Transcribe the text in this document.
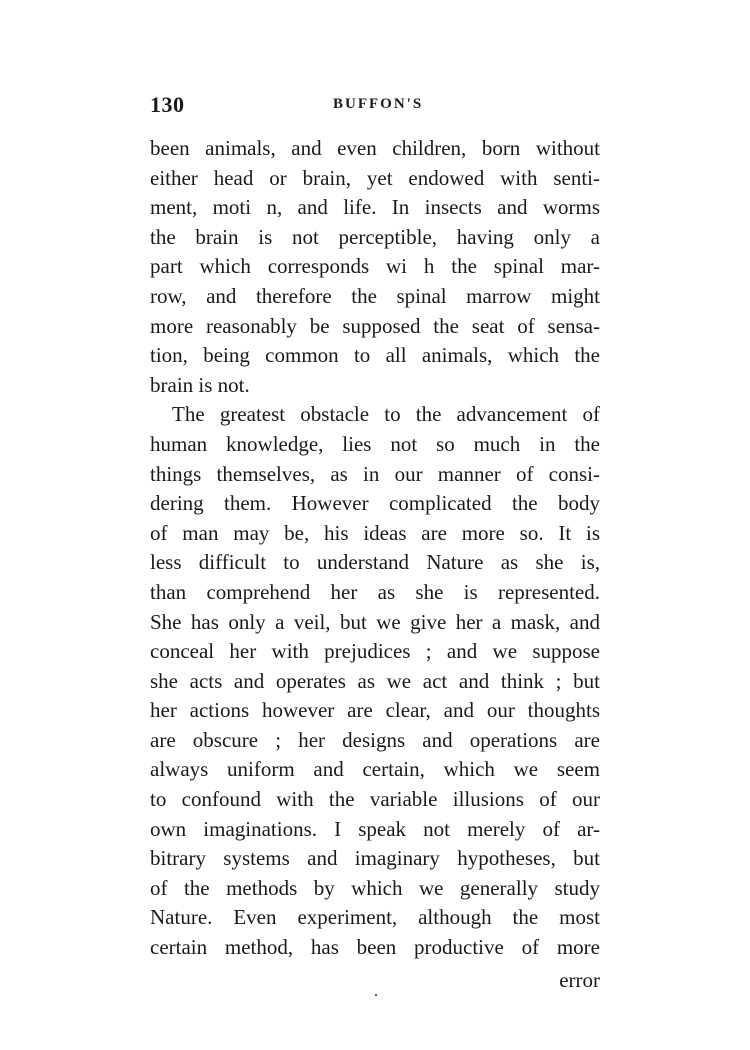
130	BUFFON'S
been animals, and even children, born without
either head or brain, yet endowed with senti-
ment, moti n, and life. In insects and worms
the brain is not perceptible, having only a
part which corresponds wi h the spinal mar-
row, and therefore the spinal marrow might
more reasonably be supposed the seat of sensa-
tion, being common to all animals, which the
brain is not.
The greatest obstacle to the advancement of
human knowledge, lies not so much in the
things themselves, as in our manner of consi-
dering them. However complicated the body
of man may be, his ideas are more so. It is
less difficult to understand Nature as she is,
than comprehend her as she is represented.
She has only a veil, but we give her a mask, and
conceal her with prejudices ; and we suppose
she acts and operates as we act and think ; but
her actions however are clear, and our thoughts
are obscure ; her designs and operations are
always uniform and certain, which we seem
to confound with the variable illusions of our
own imaginations. I speak not merely of ar-
bitrary systems and imaginary hypotheses, but
of the methods by which we generally study
Nature. Even experiment, although the most
certain method, has been productive of more
error
